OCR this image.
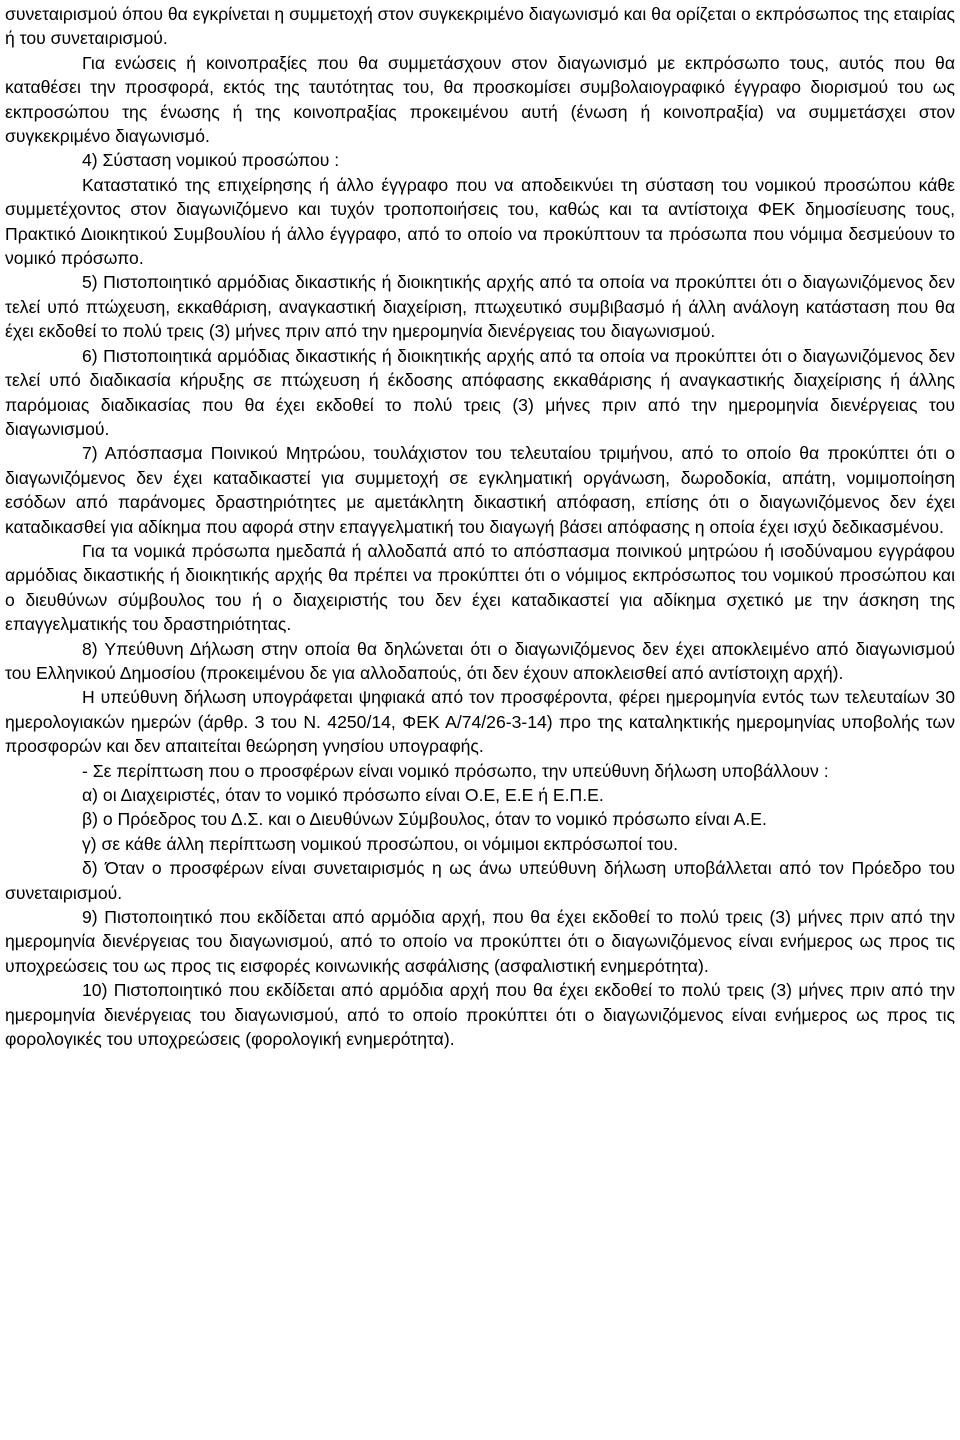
συνεταιρισμού όπου θα εγκρίνεται η συμμετοχή στον συγκεκριμένο διαγωνισμό και θα ορίζεται ο εκπρόσωπος της εταιρίας ή του συνεταιρισμού.

Για ενώσεις ή κοινοπραξίες που θα συμμετάσχουν στον διαγωνισμό με εκπρόσωπο τους, αυτός που θα καταθέσει την προσφορά, εκτός της ταυτότητας του, θα προσκομίσει συμβολαιογραφικό έγγραφο διορισμού του ως εκπροσώπου της ένωσης ή της κοινοπραξίας προκειμένου αυτή (ένωση ή κοινοπραξία) να συμμετάσχει στον συγκεκριμένο διαγωνισμό.

4) Σύσταση νομικού προσώπου :

Καταστατικό της επιχείρησης ή άλλο έγγραφο που να αποδεικνύει τη σύσταση του νομικού προσώπου κάθε συμμετέχοντος στον διαγωνιζόμενο και τυχόν τροποποιήσεις του, καθώς και τα αντίστοιχα ΦΕΚ δημοσίευσης τους, Πρακτικό Διοικητικού Συμβουλίου ή άλλο έγγραφο, από το οποίο να προκύπτουν τα πρόσωπα που νόμιμα δεσμεύουν το νομικό πρόσωπο.

5) Πιστοποιητικό αρμόδιας δικαστικής ή διοικητικής αρχής από τα οποία να προκύπτει ότι ο διαγωνιζόμενος δεν τελεί υπό πτώχευση, εκκαθάριση, αναγκαστική διαχείριση, πτωχευτικό συμβιβασμό ή άλλη ανάλογη κατάσταση που θα έχει εκδοθεί το πολύ τρεις (3) μήνες πριν από την ημερομηνία διενέργειας του διαγωνισμού.

6) Πιστοποιητικά αρμόδιας δικαστικής ή διοικητικής αρχής από τα οποία να προκύπτει ότι ο διαγωνιζόμενος δεν τελεί υπό διαδικασία κήρυξης σε πτώχευση ή έκδοσης απόφασης εκκαθάρισης ή αναγκαστικής διαχείρισης ή άλλης παρόμοιας διαδικασίας που θα έχει εκδοθεί το πολύ τρεις (3) μήνες πριν από την ημερομηνία διενέργειας του διαγωνισμού.

7) Απόσπασμα Ποινικού Μητρώου, τουλάχιστον του τελευταίου τριμήνου, από το οποίο θα προκύπτει ότι ο διαγωνιζόμενος δεν έχει καταδικαστεί για συμμετοχή σε εγκληματική οργάνωση, δωροδοκία, απάτη, νομιμοποίηση εσόδων από παράνομες δραστηριότητες με αμετάκλητη δικαστική απόφαση, επίσης ότι ο διαγωνιζόμενος δεν έχει καταδικασθεί για αδίκημα που αφορά στην επαγγελματική του διαγωγή βάσει απόφασης η οποία έχει ισχύ δεδικασμένου.

Για τα νομικά πρόσωπα ημεδαπά ή αλλοδαπά από το απόσπασμα ποινικού μητρώου ή ισοδύναμου εγγράφου αρμόδιας δικαστικής ή διοικητικής αρχής θα πρέπει να προκύπτει ότι ο νόμιμος εκπρόσωπος του νομικού προσώπου και ο διευθύνων σύμβουλος του ή ο διαχειριστής του δεν έχει καταδικαστεί για αδίκημα σχετικό με την άσκηση της επαγγελματικής του δραστηριότητας.

8) Υπεύθυνη Δήλωση στην οποία θα δηλώνεται ότι ο διαγωνιζόμενος δεν έχει αποκλειμένο από διαγωνισμού του Ελληνικού Δημοσίου (προκειμένου δε για αλλοδαπούς, ότι δεν έχουν αποκλεισθεί από αντίστοιχη αρχή).

Η υπεύθυνη δήλωση υπογράφεται ψηφιακά από τον προσφέροντα, φέρει ημερομηνία εντός των τελευταίων 30 ημερολογιακών ημερών (άρθρ. 3 του Ν. 4250/14, ΦΕΚ Α/74/26-3-14) προ της καταληκτικής ημερομηνίας υποβολής των προσφορών και δεν απαιτείται θεώρηση γνησίου υπογραφής.

- Σε περίπτωση που ο προσφέρων είναι νομικό πρόσωπο, την υπεύθυνη δήλωση υποβάλλουν :

α) οι Διαχειριστές, όταν το νομικό πρόσωπο είναι Ο.Ε, Ε.Ε ή Ε.Π.Ε.

β) ο Πρόεδρος του Δ.Σ. και ο Διευθύνων Σύμβουλος, όταν το νομικό πρόσωπο είναι Α.Ε.

γ) σε κάθε άλλη περίπτωση νομικού προσώπου, οι νόμιμοι εκπρόσωποί του.

δ) Όταν ο προσφέρων είναι συνεταιρισμός η ως άνω υπεύθυνη δήλωση υποβάλλεται από τον Πρόεδρο του συνεταιρισμού.

9) Πιστοποιητικό που εκδίδεται από αρμόδια αρχή, που θα έχει εκδοθεί το πολύ τρεις (3) μήνες πριν από την ημερομηνία διενέργειας του διαγωνισμού, από το οποίο να προκύπτει ότι ο διαγωνιζόμενος είναι ενήμερος ως προς τις υποχρεώσεις του ως προς τις εισφορές κοινωνικής ασφάλισης (ασφαλιστική ενημερότητα).

10) Πιστοποιητικό που εκδίδεται από αρμόδια αρχή που θα έχει εκδοθεί το πολύ τρεις (3) μήνες πριν από την ημερομηνία διενέργειας του διαγωνισμού, από το οποίο προκύπτει ότι ο διαγωνιζόμενος είναι ενήμερος ως προς τις φορολογικές του υποχρεώσεις (φορολογική ενημερότητα).
